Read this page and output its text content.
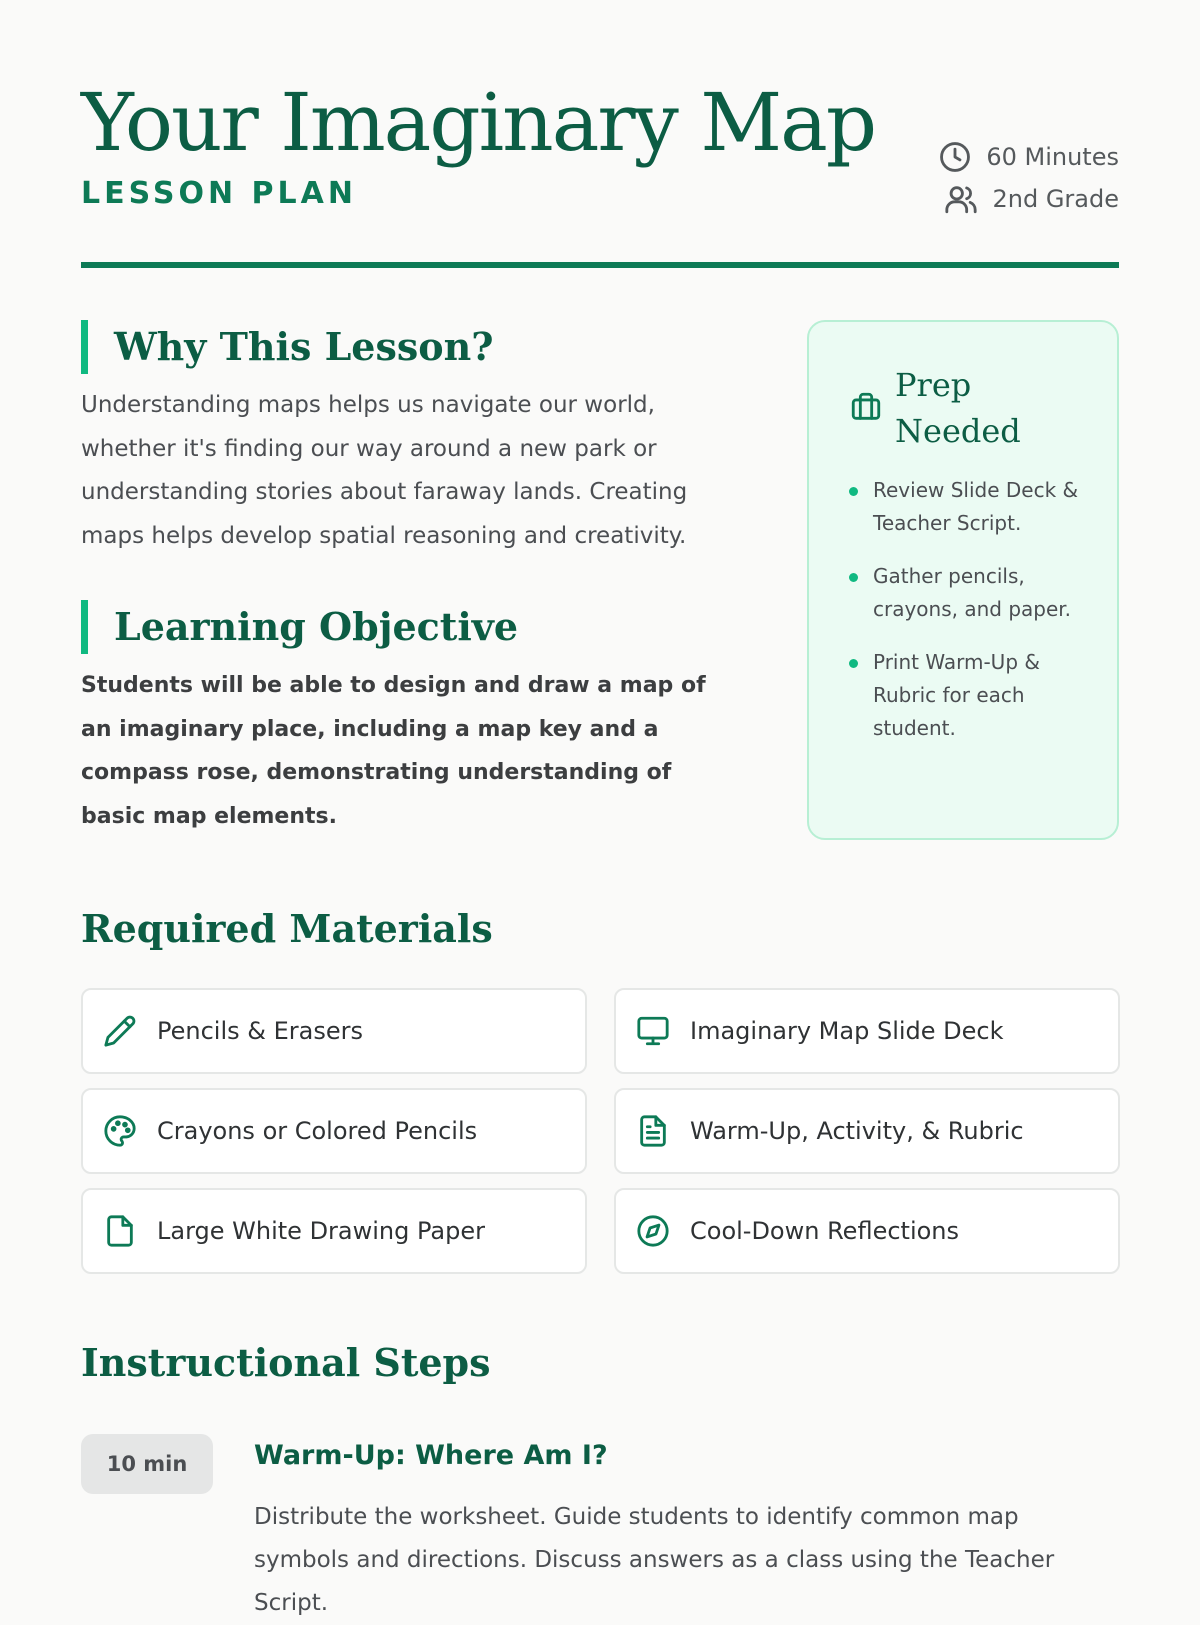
Your Imaginary Map
LESSON PLAN
60 Minutes
2nd Grade
Why This Lesson?

Understanding maps helps us navigate our world, whether it's finding our way around a new park or understanding stories about faraway lands. Creating maps helps develop spatial reasoning and creativity.

Learning Objective

Students will be able to design and draw a map of an imaginary place, including a map key and a compass rose, demonstrating understanding of basic map elements.

Prep Needed
Review Slide Deck & Teacher Script.
Gather pencils, crayons, and paper.
Print Warm-Up & Rubric for each student.
Required Materials
Pencils & Erasers	Imaginary Map Slide Deck
Crayons or Colored Pencils	Warm-Up, Activity, & Rubric
Large White Drawing Paper	Cool-Down Reflections
Instructional Steps
10 min	Warm-Up: Where Am I?

Distribute the worksheet. Guide students to identify common map symbols and directions. Discuss answers as a class using the Teacher Script.
